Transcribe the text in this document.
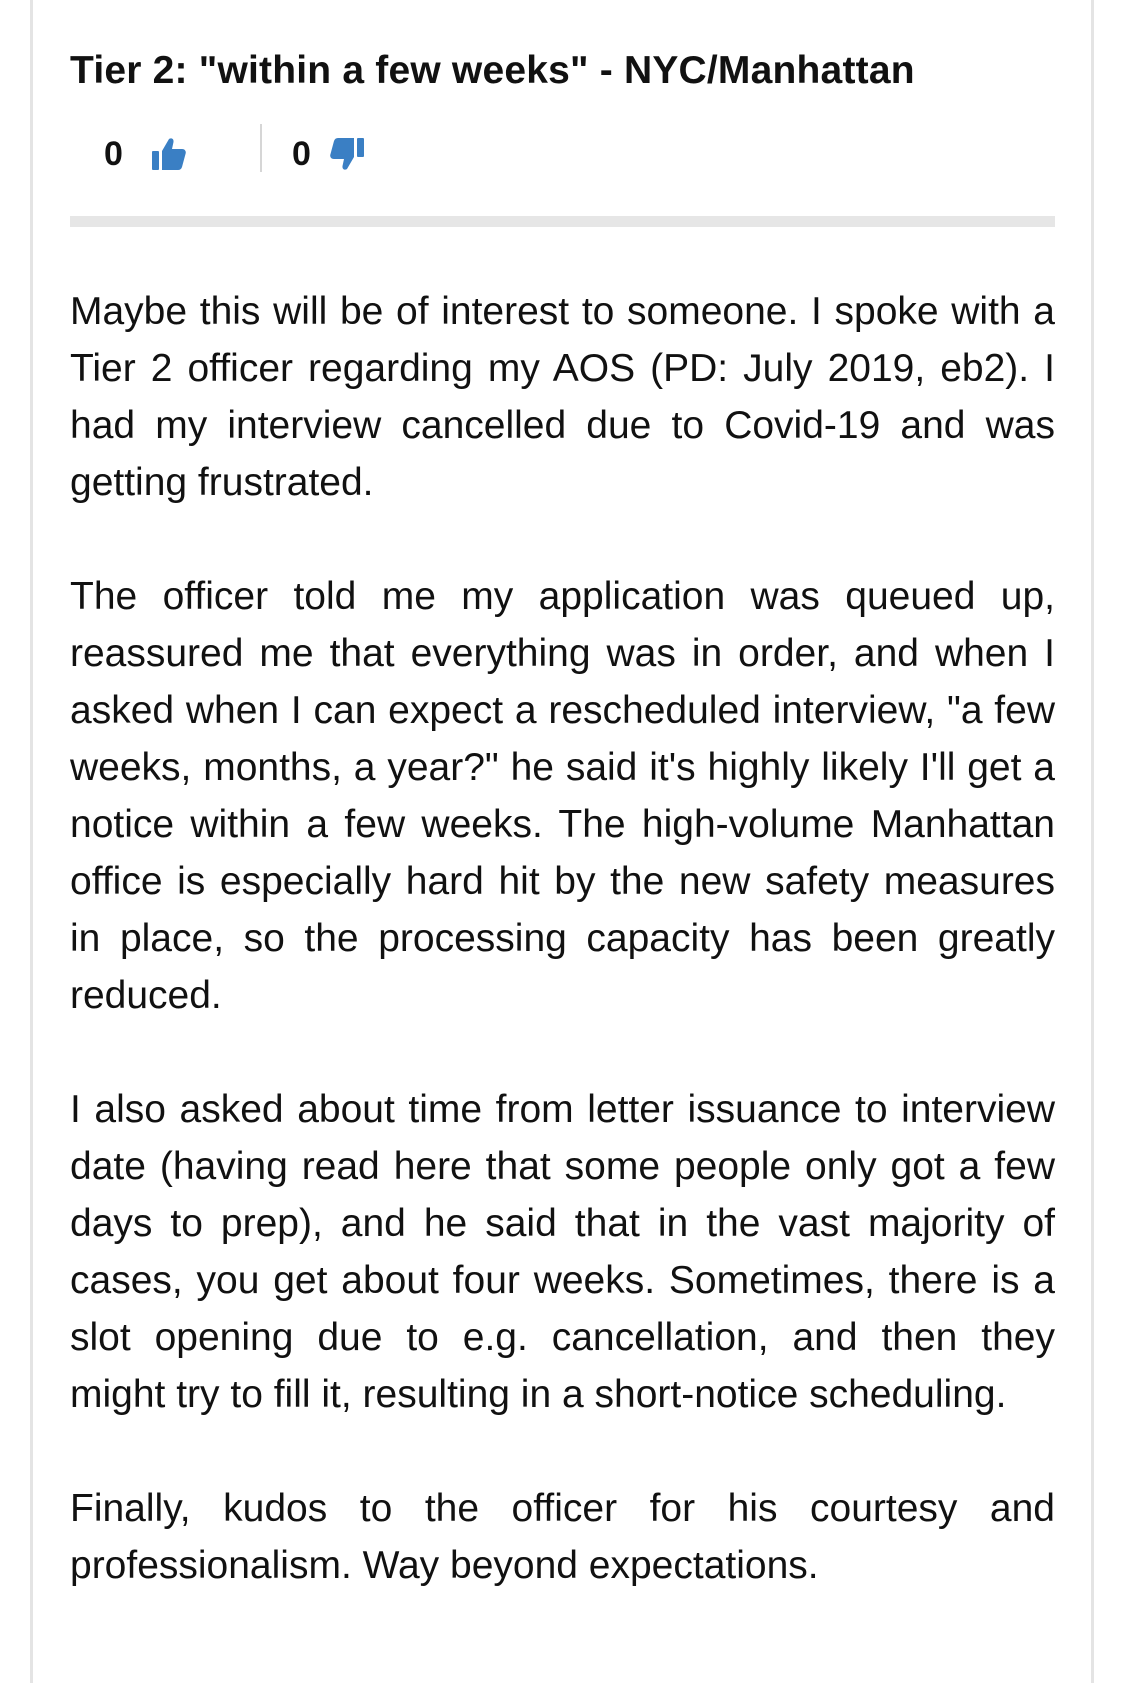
Tier 2: "within a few weeks" - NYC/Manhattan
0	0

Maybe this will be of interest to someone. I spoke with a Tier 2 officer regarding my AOS (PD: July 2019, eb2). I had my interview cancelled due to Covid-19 and was getting frustrated.

The officer told me my application was queued up, reassured me that everything was in order, and when I asked when I can expect a rescheduled interview, "a few weeks, months, a year?" he said it's highly likely I'll get a notice within a few weeks. The high-volume Manhattan office is especially hard hit by the new safety measures in place, so the processing capacity has been greatly reduced.

I also asked about time from letter issuance to interview date (having read here that some people only got a few days to prep), and he said that in the vast majority of cases, you get about four weeks. Sometimes, there is a slot opening due to e.g. cancellation, and then they might try to fill it, resulting in a short-notice scheduling.

Finally, kudos to the officer for his courtesy and professionalism. Way beyond expectations.
